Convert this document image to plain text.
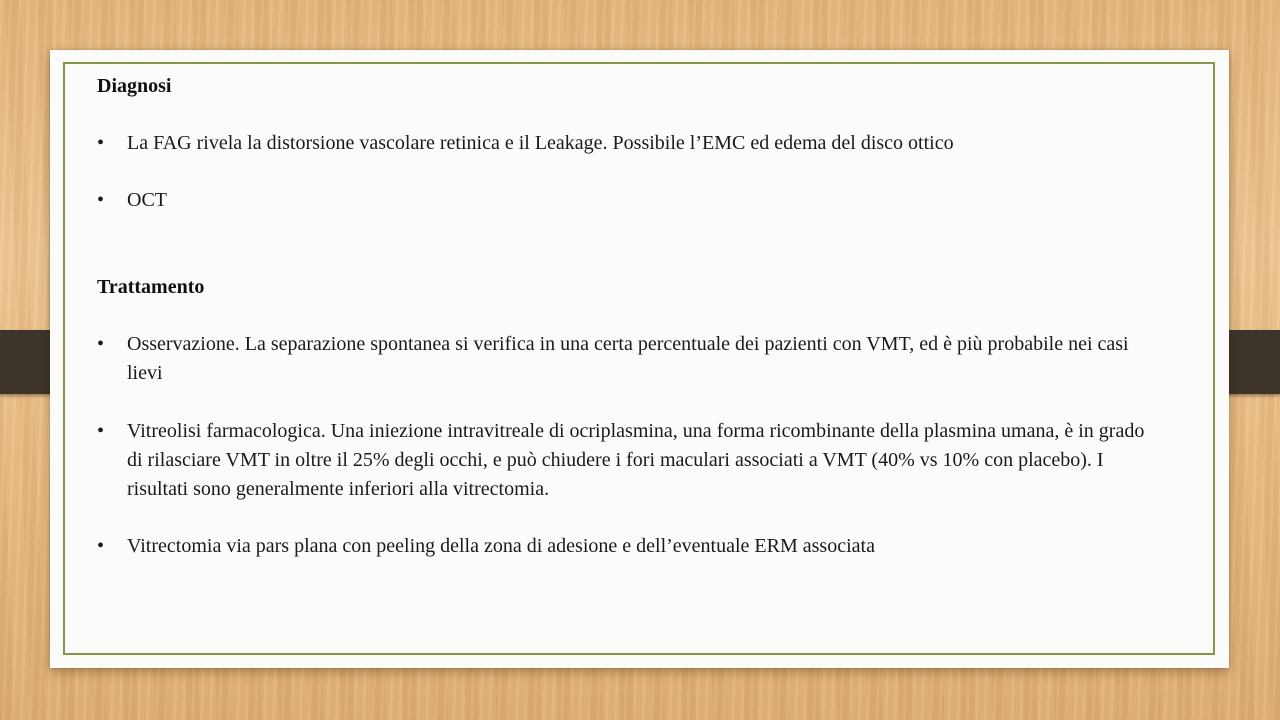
Diagnosi
• La FAG rivela la distorsione vascolare retinica e il Leakage. Possibile l’EMC ed edema del disco ottico
• OCT
Trattamento
• Osservazione. La separazione spontanea si verifica in una certa percentuale dei pazienti con VMT, ed è più probabile nei casi lievi
• Vitreolisi farmacologica. Una iniezione intravitreale di ocriplasmina, una forma ricombinante della plasmina umana, è in grado di rilasciare VMT in oltre il 25% degli occhi, e può chiudere i fori maculari associati a VMT (40% vs 10% con placebo). I risultati sono generalmente inferiori alla vitrectomia.
• Vitrectomia via pars plana con peeling della zona di adesione e dell’eventuale ERM associata
